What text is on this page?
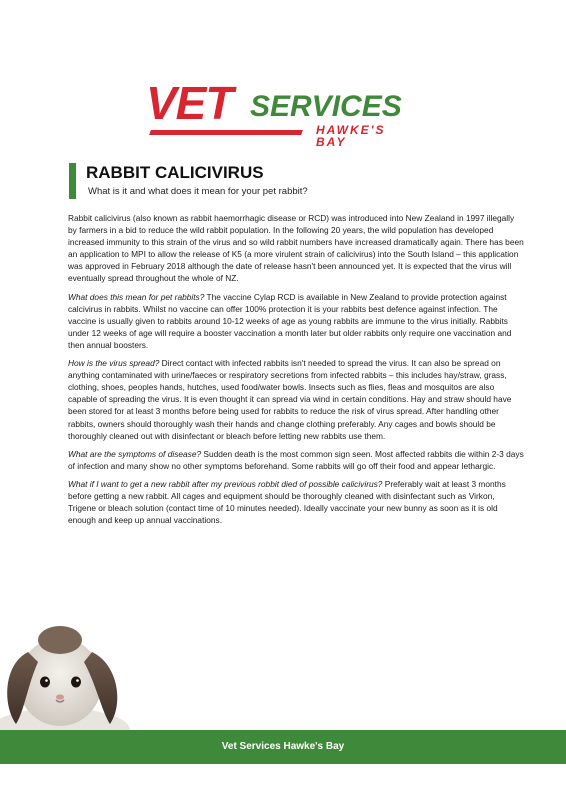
VET SERVICES
HAWKE'S BAY
RABBIT CALICIVIRUS
What is it and what does it mean for your pet rabbit?

Rabbit calicivirus (also known as rabbit haemorrhagic disease or RCD) was introduced into New Zealand in 1997 illegally by farmers in a bid to reduce the wild rabbit population. In the following 20 years, the wild population has developed increased immunity to this strain of the virus and so wild rabbit numbers have increased dramatically again. There has been an application to MPI to allow the release of K5 (a more virulent strain of calicivirus) into the South Island – this application was approved in February 2018 although the date of release hasn't been announced yet. It is expected that the virus will eventually spread throughout the whole of NZ.

What does this mean for pet rabbits? The vaccine Cylap RCD is available in New Zealand to provide protection against calcivirus in rabbits. Whilst no vaccine can offer 100% protection it is your rabbits best defence against infection. The vaccine is usually given to rabbits around 10-12 weeks of age as young rabbits are immune to the virus initially. Rabbits under 12 weeks of age will require a booster vaccination a month later but older rabbits only require one vaccination and then annual boosters.

How is the virus spread? Direct contact with infected rabbits isn't needed to spread the virus. It can also be spread on anything contaminated with urine/faeces or respiratory secretions from infected rabbits – this includes hay/straw, grass, clothing, shoes, peoples hands, hutches, used food/water bowls. Insects such as flies, fleas and mosquitos are also capable of spreading the virus. It is even thought it can spread via wind in certain conditions. Hay and straw should have been stored for at least 3 months before being used for rabbits to reduce the risk of virus spread. After handling other rabbits, owners should thoroughly wash their hands and change clothing preferably. Any cages and bowls should be thoroughly cleaned out with disinfectant or bleach before letting new rabbits use them.

What are the symptoms of disease? Sudden death is the most common sign seen. Most affected rabbits die within 2-3 days of infection and many show no other symptoms beforehand. Some rabbits will go off their food and appear lethargic.

What if I want to get a new rabbit after my previous robbit died of possible calicivirus? Preferably wait at least 3 months before getting a new rabbit. All cages and equipment should be thoroughly cleaned with disinfectant such as Virkon, Trigene or bleach solution (contact time of 10 minutes needed). Ideally vaccinate your new bunny as soon as it is old enough and keep up annual vaccinations.

Vet Services Hawke's Bay
